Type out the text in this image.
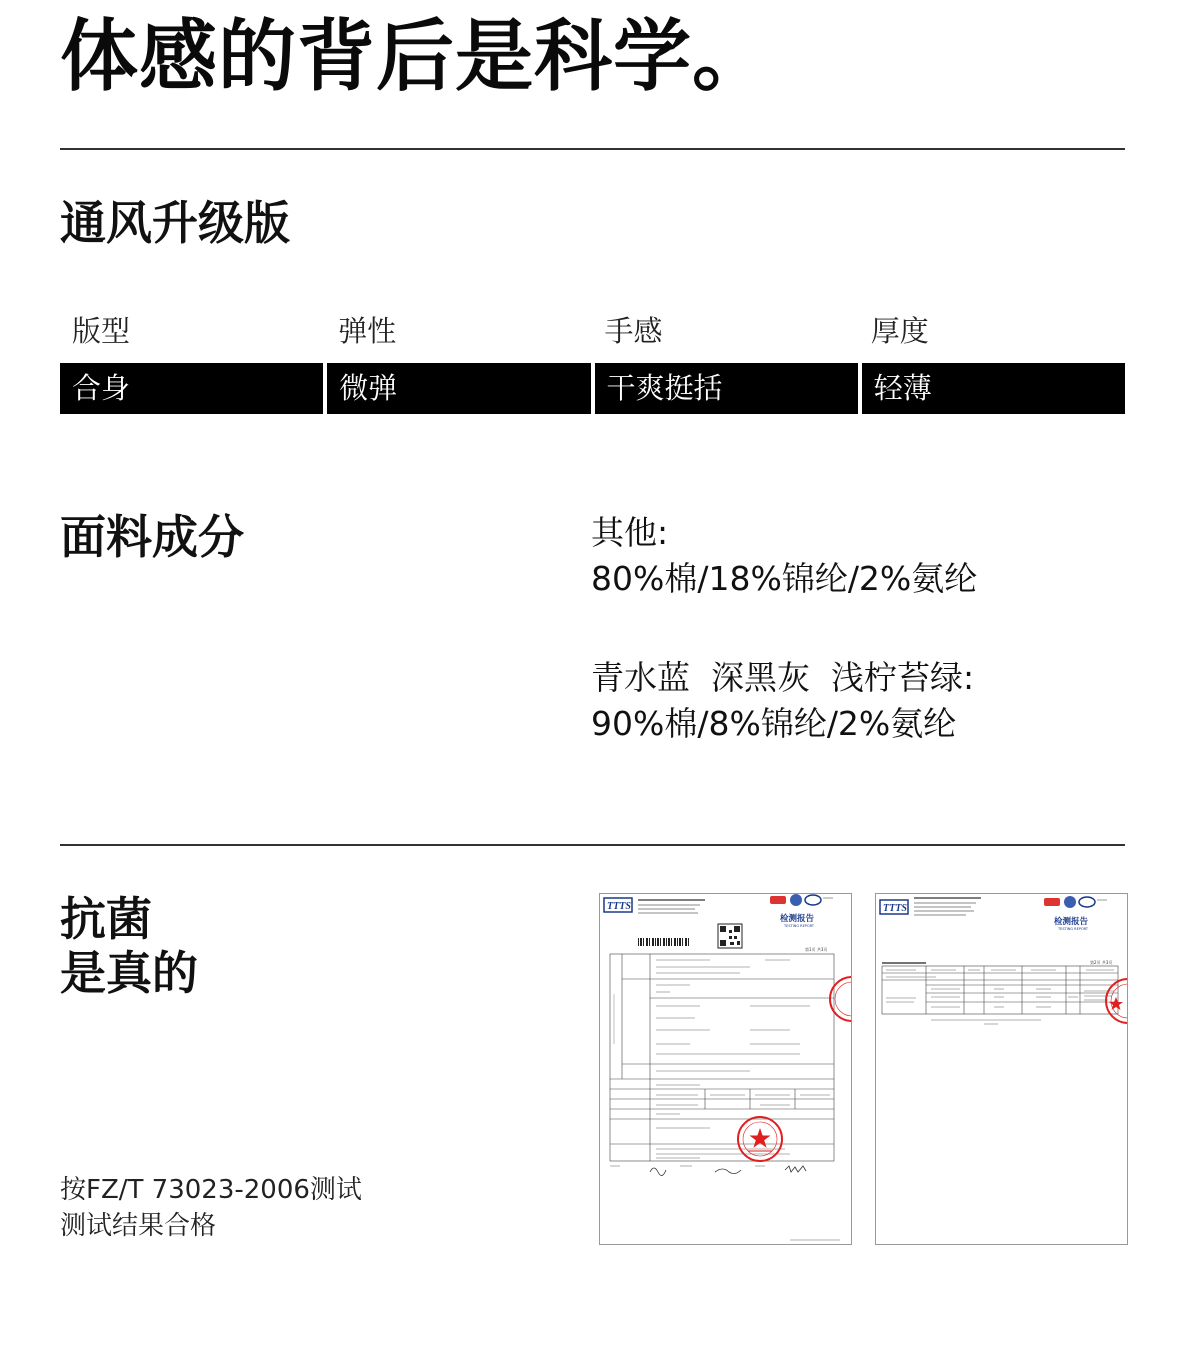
体感的背后是科学。
通风升级版
版型	弹性	手感	厚度
合身	微弹	干爽挺括	轻薄
面料成分	其他:
80%棉/18%锦纶/2%氨纶
青水蓝  深黑灰  浅柠苔绿:
90%棉/8%锦纶/2%氨纶
抗菌
是真的
按FZ/T 73023-2006测试
测试结果合格
TTTS
检测报告
TESTING REPORT
第1页 共3页
TTTS
检测报告
TESTING REPORT
第2页 共3页
